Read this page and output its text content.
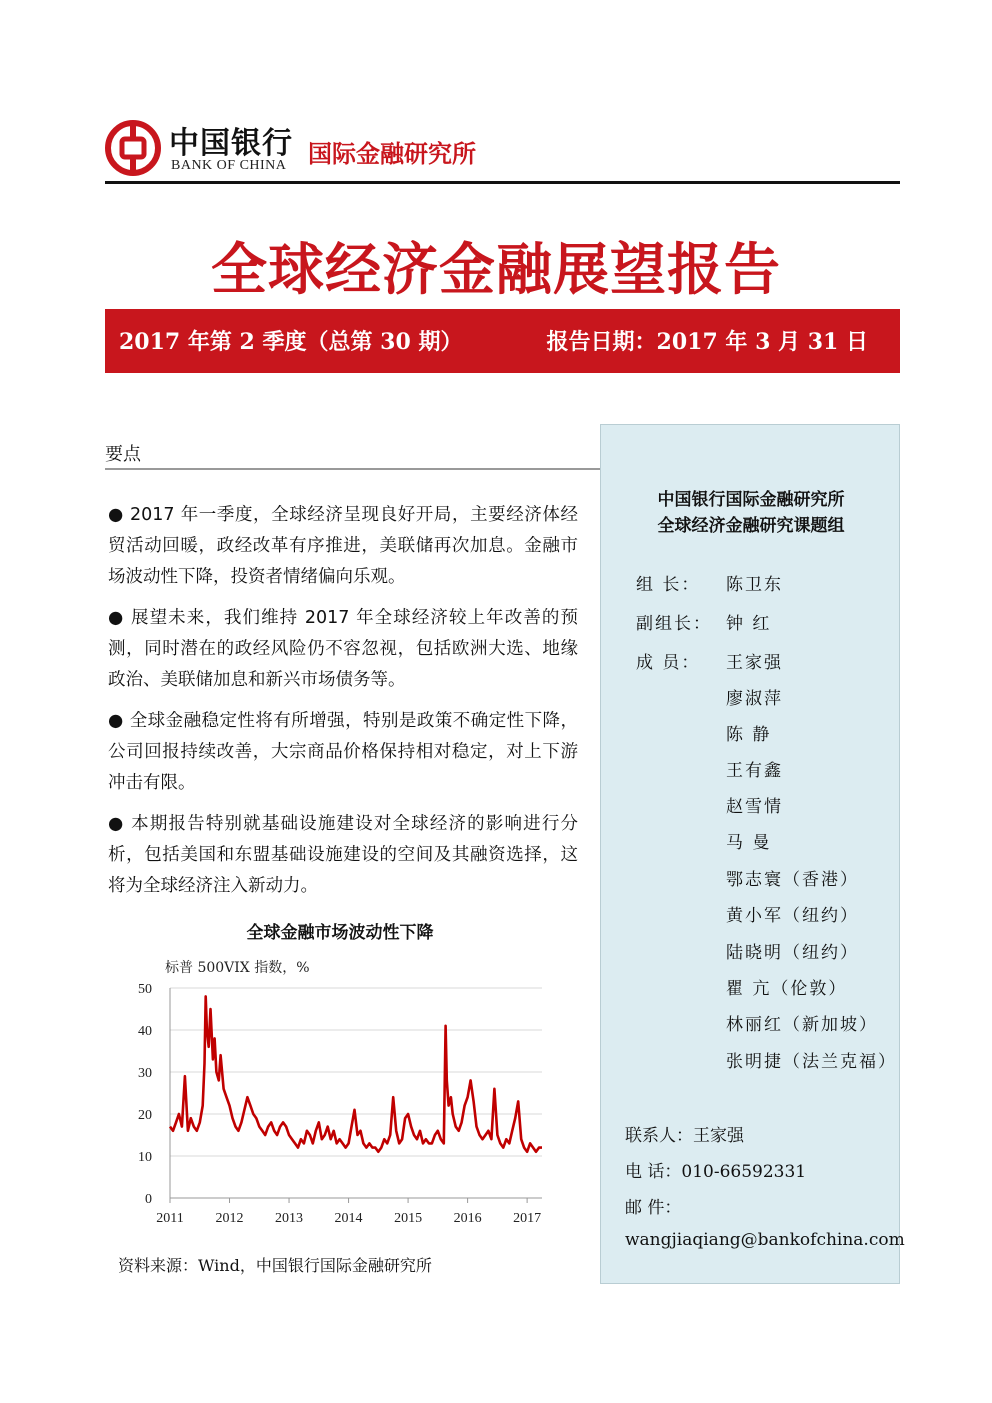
中国银行
BANK OF CHINA 国际金融研究所
全球经济金融展望报告
2017 年第 2 季度（总第 30 期）	报告日期：2017 年 3 月 31 日
要点
● 2017 年一季度，全球经济呈现良好开局，主要经济体经贸活动回暖，政经改革有序推进，美联储再次加息。金融市场波动性下降，投资者情绪偏向乐观。
● 展望未来，我们维持 2017 年全球经济较上年改善的预测，同时潜在的政经风险仍不容忽视，包括欧洲大选、地缘政治、美联储加息和新兴市场债务等。
● 全球金融稳定性将有所增强，特别是政策不确定性下降，公司回报持续改善，大宗商品价格保持相对稳定，对上下游冲击有限。
● 本期报告特别就基础设施建设对全球经济的影响进行分析，包括美国和东盟基础设施建设的空间及其融资选择，这将为全球经济注入新动力。
全球金融市场波动性下降
标普 500VIX 指数，%
0
10
20
30
40
50
2011 2012 2013 2014 2015 2016 2017
资料来源：Wind，中国银行国际金融研究所
中国银行国际金融研究所
全球经济金融研究课题组
组 长：	陈卫东
副组长： 钟 红
成 员：	王家强
廖淑萍
陈 静
王有鑫
赵雪情
马 曼
鄂志寰（香港）
黄小军（纽约）
陆晓明（纽约）
瞿 亢（伦敦）
林丽红（新加坡）
张明捷（法兰克福）
联系人：王家强
电 话：010-66592331
邮 件：
wangjiaqiang@bankofchina.com
